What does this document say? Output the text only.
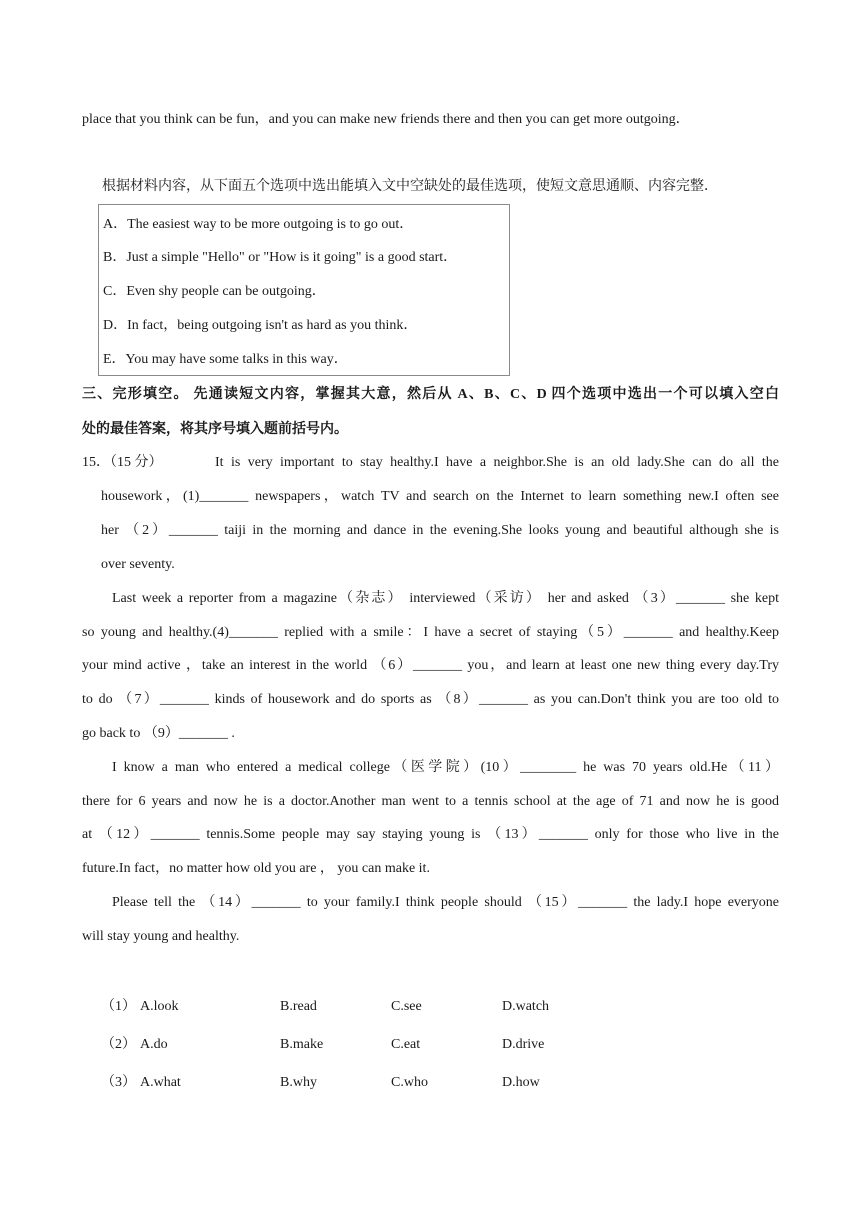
place that you think can be fun，and you can make new friends there and then you can get more outgoing．
根据材料内容，从下面五个选项中选出能填入文中空缺处的最佳选项，使短文意思通顺、内容完整．
A．The easiest way to be more outgoing is to go out．
B．Just a simple "Hello" or "How is it going" is a good start．
C．Even shy people can be outgoing．
D．In fact，being outgoing isn't as hard as you think．
E．You may have some talks in this way．
三、完形填空。 先通读短文内容，掌握其大意，然后从 A、B、C、D 四个选项中选出一个可以填入空白
处的最佳答案，将其序号填入题前括号内。
15．（15 分）	It is very important to stay healthy.I have a neighbor.She is an old lady.She can do all the
housework，(1)_______ newspapers，watch TV and search on the Internet to learn something new.I often see
her （2）_______ taiji in the morning and dance in the evening.She looks young and beautiful although she is
over seventy.
Last week a reporter from a magazine（杂志） interviewed（采访） her and asked （3）_______ she kept
so young and healthy.(4)_______ replied with a smile：I have a secret of staying（5）_______ and healthy.Keep
your mind active ，take an interest in the world （6）_______ you，and learn at least one new thing every day.Try
to do （7）_______ kinds of housework and do sports as （8）_______ as you can.Don't think you are too old to
go back to （9）_______ .
I know a man who entered a medical college（医学院）(10）________ he was 70 years old.He（11）
there for 6 years and now he is a doctor.Another man went to a tennis school at the age of 71 and now he is good
at （12）_______ tennis.Some people may say staying young is （13）_______ only for those who live in the
future.In fact，no matter how old you are ， you can make it.
Please tell the （14）_______ to your family.I think people should （15）_______ the lady.I hope everyone
will stay young and healthy.
（1） A.look	B.read	C.see	D.watch
（2） A.do	B.make	C.eat	D.drive
（3） A.what	B.why	C.who	D.how
